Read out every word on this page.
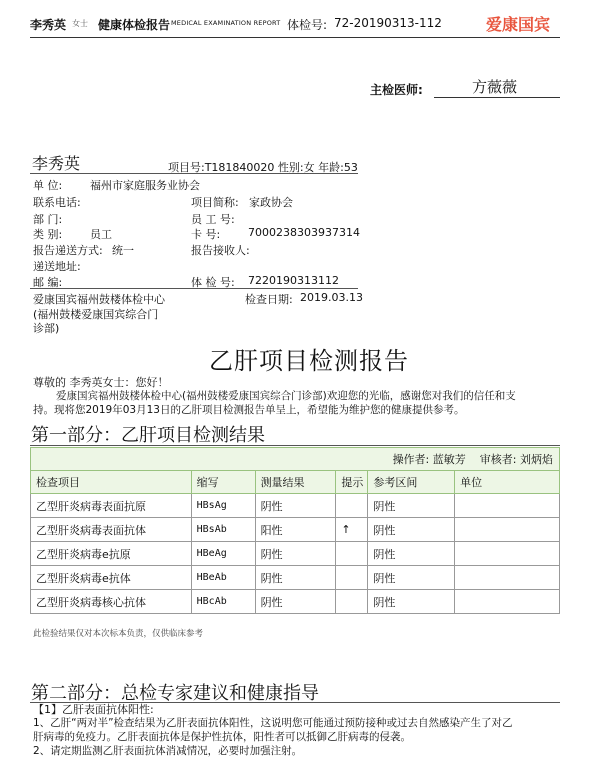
李秀英 女士 健康体检报告 MEDICAL EXAMINATION REPORT 体检号: 72-20190313-112	爱康国宾
主检医师:	方薇薇
李秀英	项目号:T181840020 性别:女 年龄:53
单 位:	福州市家庭服务业协会
联系电话:	项目简称: 家政协会
部 门:	员 工 号:
类 别:	员工	卡 号:	7000238303937314
报告递送方式: 统一	报告接收人:
递送地址:
邮 编:	体 检 号: 7220190313112
爱康国宾福州鼓楼体检中心
(福州鼓楼爱康国宾综合门
诊部)
检查日期: 2019.03.13
乙肝项目检测报告
尊敬的 李秀英女士：您好！
爱康国宾福州鼓楼体检中心(福州鼓楼爱康国宾综合门诊部)欢迎您的光临，感谢您对我们的信任和支
持。现将您2019年03月13日的乙肝项目检测报告单呈上，希望能为维护您的健康提供参考。
第一部分：乙肝项目检测结果
操作者: 蓝敏芳 审核者: 刘炳焰					
检查项目	缩写	测量结果	提示	参考区间	单位
乙型肝炎病毒表面抗原	HBsAg	阴性		阴性	
乙型肝炎病毒表面抗体	HBsAb	阳性	↑	阴性	
乙型肝炎病毒e抗原	HBeAg	阴性		阴性	
乙型肝炎病毒e抗体	HBeAb	阴性		阴性	
乙型肝炎病毒核心抗体	HBcAb	阴性		阴性	
此检验结果仅对本次标本负责，仅供临床参考
第二部分：总检专家建议和健康指导
【1】乙肝表面抗体阳性:
1、乙肝“两对半”检查结果为乙肝表面抗体阳性，这说明您可能通过预防接种或过去自然感染产生了对乙
肝病毒的免疫力。乙肝表面抗体是保护性抗体，阳性者可以抵御乙肝病毒的侵袭。
2、请定期监测乙肝表面抗体消减情况，必要时加强注射。
